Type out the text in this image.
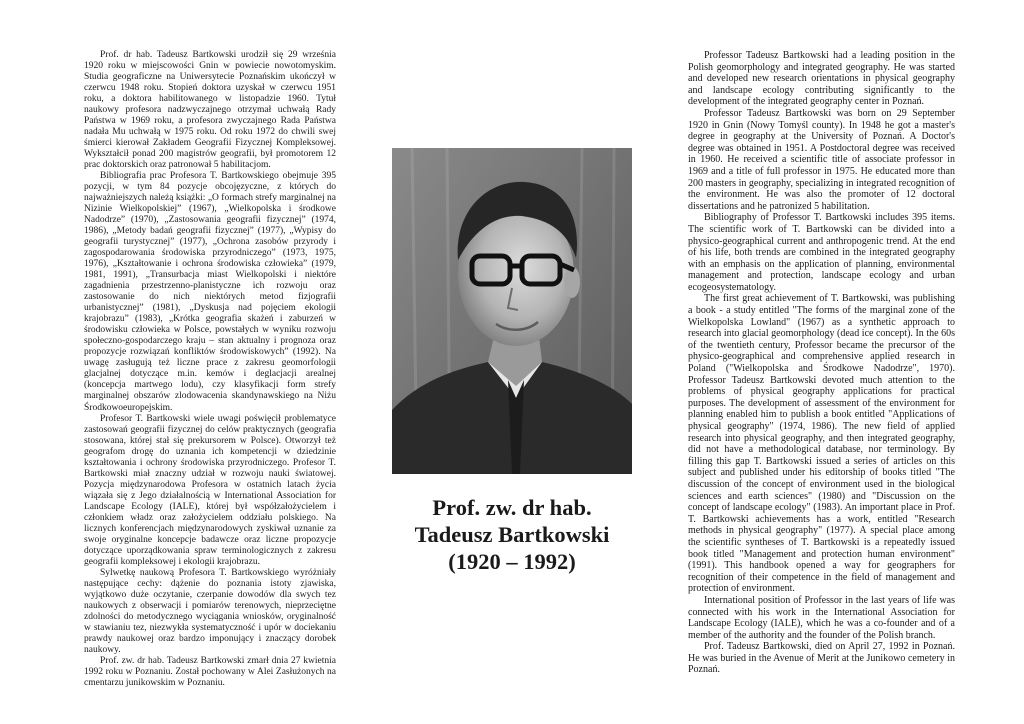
Prof. dr hab. Tadeusz Bartkowski urodził się 29 września 1920 roku w miejscowości Gnin w powiecie nowotomyskim. Studia geograficzne na Uniwersytecie Poznańskim ukończył w czerwcu 1948 roku. Stopień doktora uzyskał w czerwcu 1951 roku, a doktora habilitowanego w listopadzie 1960. Tytuł naukowy profesora nadzwyczajnego otrzymał uchwałą Rady Państwa w 1969 roku, a profesora zwyczajnego Rada Państwa nadała Mu uchwałą w 1975 roku. Od roku 1972 do chwili swej śmierci kierował Zakładem Geografii Fizycznej Kompleksowej. Wykształcił ponad 200 magistrów geografii, był promotorem 12 prac doktorskich oraz patronował 5 habilitacjom.

Bibliografia prac Profesora T. Bartkowskiego obejmuje 395 pozycji, w tym 84 pozycje obcojęzyczne, z których do najważniejszych należą książki: „O formach strefy marginalnej na Nizinie Wielkopolskiej” (1967), „Wielkopolska i środkowe Nadodrze” (1970), „Zastosowania geografii fizycznej” (1974, 1986), „Metody badań geografii fizycznej” (1977), „Wypisy do geografii turystycznej” (1977), „Ochrona zasobów przyrody i zagospodarowania środowiska przyrodniczego” (1973, 1975, 1976), „Kształtowanie i ochrona środowiska człowieka” (1979, 1981, 1991), „Transurbacja miast Wielkopolski i niektóre zagadnienia przestrzenno-planistyczne ich rozwoju oraz zastosowanie do nich niektórych metod fizjografii urbanistycznej” (1981), „Dyskusja nad pojęciem ekologii krajobrazu” (1983), „Krótka geografia skażeń i zaburzeń w środowisku człowieka w Polsce, powstałych w wyniku rozwoju społeczno-gospodarczego kraju – stan aktualny i prognoza oraz propozycje rozwiązań konfliktów środowiskowych” (1992). Na uwagę zasługują też liczne prace z zakresu geomorfologii glacjalnej dotyczące m.in. kemów i deglacjacji arealnej (koncepcja martwego lodu), czy klasyfikacji form strefy marginalnej obszarów zlodowacenia skandynawskiego na Niżu Środkowoeuropejskim.

Profesor T. Bartkowski wiele uwagi poświęcił problematyce zastosowań geografii fizycznej do celów praktycznych (geografia stosowana, której stał się prekursorem w Polsce). Otworzył też geografom drogę do uznania ich kompetencji w dziedzinie kształtowania i ochrony środowiska przyrodniczego. Profesor T. Bartkowski miał znaczny udział w rozwoju nauki światowej. Pozycja międzynarodowa Profesora w ostatnich latach życia wiązała się z Jego działalnością w International Association for Landscape Ecology (IALE), której był współzałożycielem i członkiem władz oraz założycielem oddziału polskiego. Na licznych konferencjach międzynarodowych zyskiwał uznanie za swoje oryginalne koncepcje badawcze oraz liczne propozycje dotyczące uporządkowania spraw terminologicznych z zakresu geografii kompleksowej i ekologii krajobrazu.

Sylwetkę naukową Profesora T. Bartkowskiego wyróżniały następujące cechy: dążenie do poznania istoty zjawiska, wyjątkowo duże oczytanie, czerpanie dowodów dla swych tez naukowych z obserwacji i pomiarów terenowych, nieprzeciętne zdolności do metodycznego wyciągania wniosków, oryginalność w stawianiu tez, niezwykła systematyczność i upór w dociekaniu prawdy naukowej oraz bardzo imponujący i znaczący dorobek naukowy.

Prof. zw. dr hab. Tadeusz Bartkowski zmarł dnia 27 kwietnia 1992 roku w Poznaniu. Został pochowany w Alei Zasłużonych na cmentarzu junikowskim w Poznaniu.

Prof. zw. dr hab.
Tadeusz Bartkowski
(1920 – 1992)

Professor Tadeusz Bartkowski had a leading position in the Polish geomorphology and integrated geography. He was started and developed new research orientations in physical geography and landscape ecology contributing significantly to the development of the integrated geography center in Poznań.

Professor Tadeusz Bartkowski was born on 29 September 1920 in Gnin (Nowy Tomyśl county). In 1948 he got a master's degree in geography at the University of Poznań. A Doctor's degree was obtained in 1951. A Postdoctoral degree was received in 1960. He received a scientific title of associate professor in 1969 and a title of full professor in 1975. He educated more than 200 masters in geography, specializing in integrated recognition of the environment. He was also the promoter of 12 doctoral dissertations and he patronized 5 habilitation.

Bibliography of Professor T. Bartkowski includes 395 items. The scientific work of T. Bartkowski can be divided into a physico-geographical current and anthropogenic trend. At the end of his life, both trends are combined in the integrated geography with an emphasis on the application of planning, environmental management and protection, landscape ecology and urban ecogeosystematology.

The first great achievement of T. Bartkowski, was publishing a book - a study entitled "The forms of the marginal zone of the Wielkopolska Lowland" (1967) as a synthetic approach to research into glacial geomorphology (dead ice concept). In the 60s of the twentieth century, Professor became the precursor of the physico-geographical and comprehensive applied research in Poland ("Wielkopolska and Środkowe Nadodrze", 1970). Professor Tadeusz Bartkowski devoted much attention to the problems of physical geography applications for practical purposes. The development of assessment of the environment for planning enabled him to publish a book entitled "Applications of physical geography" (1974, 1986). The new field of applied research into physical geography, and then integrated geography, did not have a methodological database, nor terminology. By filling this gap T. Bartkowski issued a series of articles on this subject and published under his editorship of books titled "The discussion of the concept of environment used in the biological sciences and earth sciences" (1980) and "Discussion on the concept of landscape ecology" (1983). An important place in Prof. T. Bartkowski achievements has a work, entitled "Research methods in physical geography" (1977). A special place among the scientific syntheses of T. Bartkowski is a repeatedly issued book titled "Management and protection human environment" (1991). This handbook opened a way for geographers for recognition of their competence in the field of management and protection of environment.

International position of Professor in the last years of life was connected with his work in the International Association for Landscape Ecology (IALE), which he was a co-founder and of a member of the authority and the founder of the Polish branch.

Prof. Tadeusz Bartkowski, died on April 27, 1992 in Poznań. He was buried in the Avenue of Merit at the Junikowo cemetery in Poznań.
